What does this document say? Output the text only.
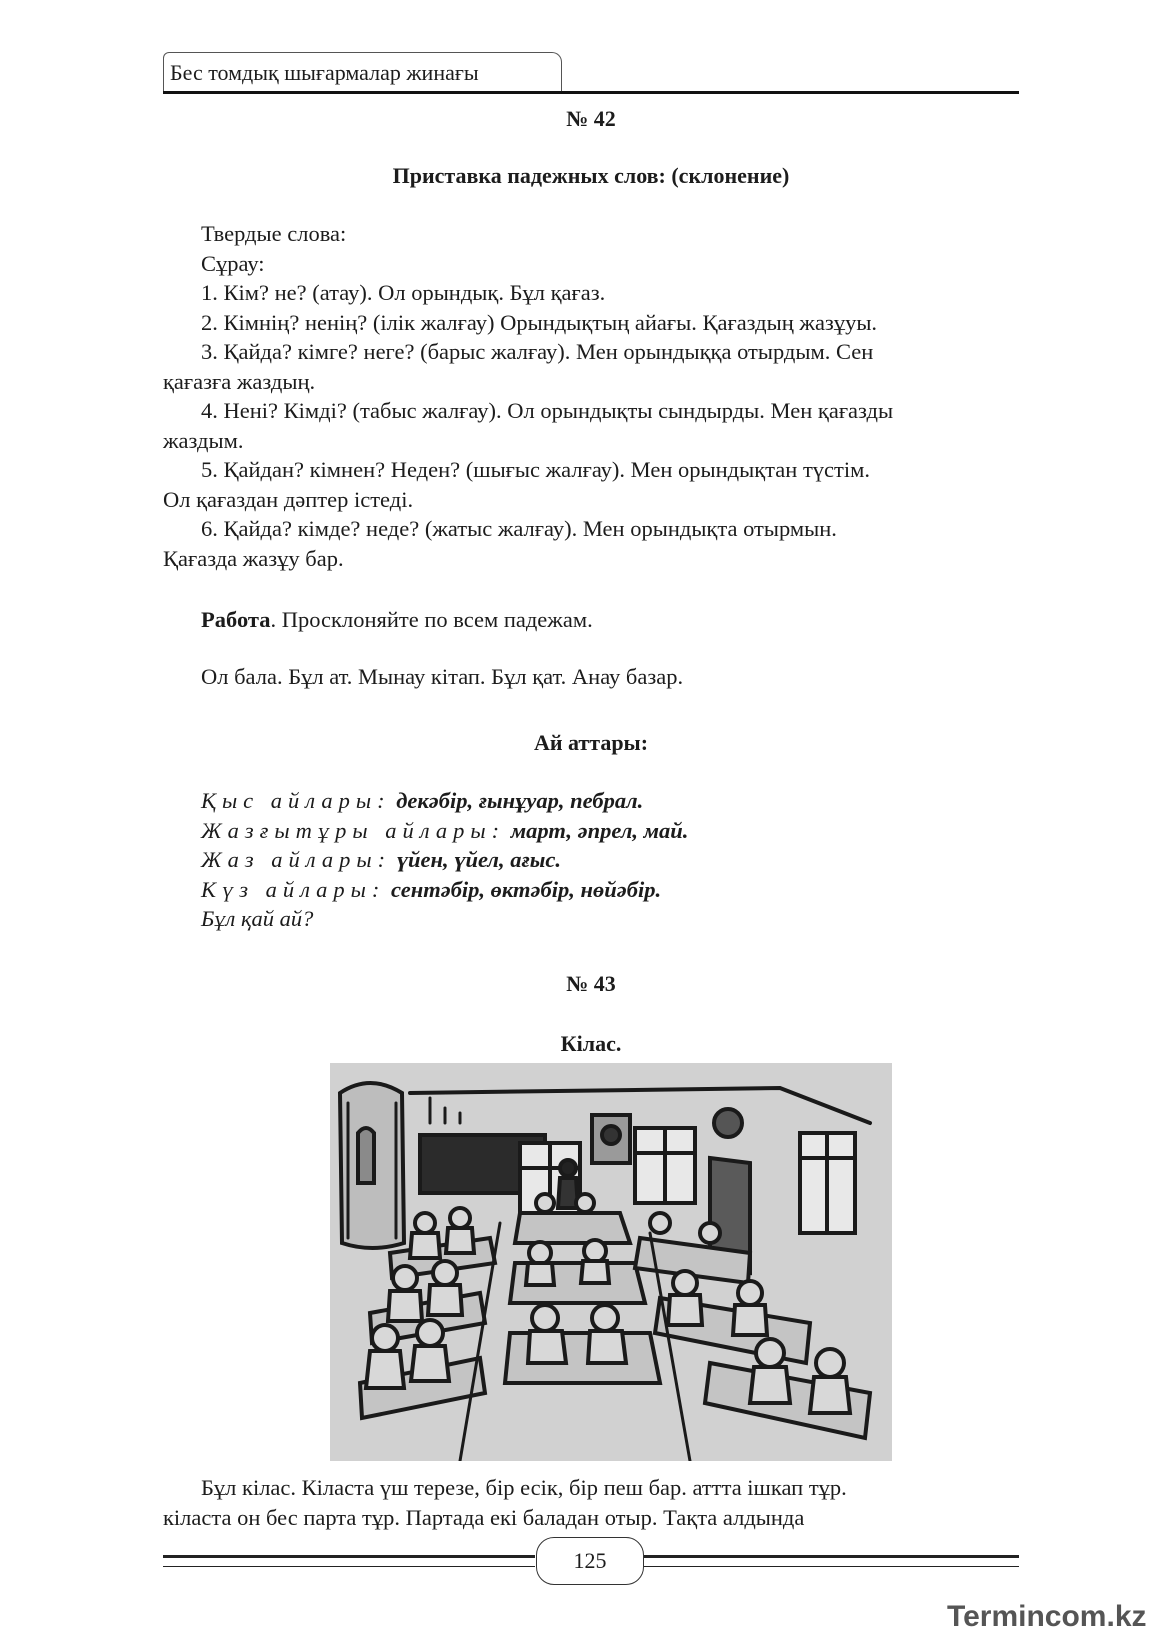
Бес томдық шығармалар жинағы
№ 42
Приставка падежных слов: (склонение)
Твердые слова:
Сұрау:
1. Кім? не? (атау). Ол орындық. Бұл қағаз.
2. Кімнің? ненің? (ілік жалғау) Орындықтың айағы. Қағаздың жазұуы.
3. Қайда? кімге? неге? (барыс жалғау). Мен орындыққа отырдым. Сен
қағазға жаздың.
4. Нені? Кімді? (табыс жалғау). Ол орындықты сындырды. Мен қағазды
жаздым.
5. Қайдан? кімнен? Неден? (шығыс жалғау). Мен орындықтан түстім.
Ол қағаздан дәптер істеді.
6. Қайда? кімде? неде? (жатыс жалғау). Мен орындықта отырмын.
Қағазда жазұу бар.
Работа. Просклоняйте по всем падежам.
Ол бала. Бұл ат. Мынау кітап. Бұл қат. Анау базар.
Ай аттары:
Қыс айлары: декәбір, ғынұуар, пебрал.
Жазғытұры айлары: март, әпрел, май.
Жаз айлары: үйен, үйел, ағыс.
Күз айлары: сентәбір, өктәбір, нөйәбір.
Бұл қай ай?
№ 43
Кілас.
Бұл кілас. Кіласта үш терезе, бір есік, бір пеш бар. аттта ішкап тұр.
кіласта он бес парта тұр. Партада екі баладан отыр. Тақта алдында
125
Termincom.kz
